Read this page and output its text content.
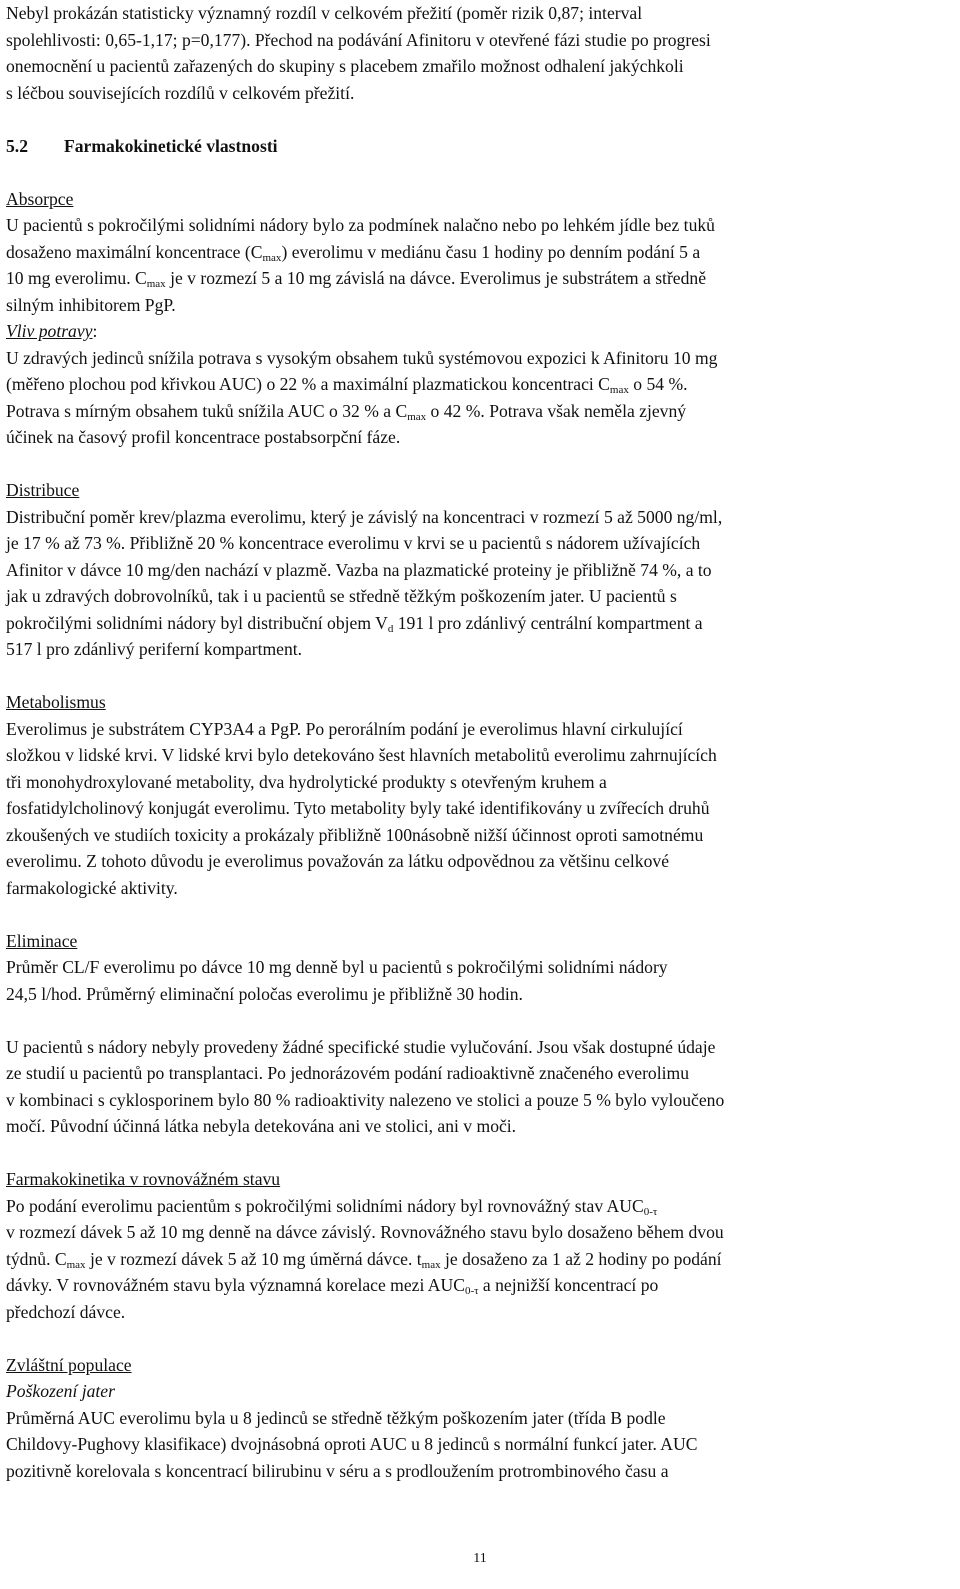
Nebyl prokázán statisticky významný rozdíl v celkovém přežití (poměr rizik 0,87; interval

spolehlivosti: 0,65-1,17; p=0,177). Přechod na podávání Afinitoru v otevřené fázi studie po progresi

onemocnění u pacientů zařazených do skupiny s placebem zmařilo možnost odhalení jakýchkoli

s léčbou souvisejících rozdílů v celkovém přežití.

5.2 Farmakokinetické vlastnosti

Absorpce

U pacientů s pokročilými solidními nádory bylo za podmínek nalačno nebo po lehkém jídle bez tuků

dosaženo maximální koncentrace $(C_{max})$ everolimu v mediánu času 1 hodiny po denním podání 5 a

10 mg everolimu. $C_{max}$ je v rozmezí 5 a 10 mg závislá na dávce. Everolimus je substrátem a středně

silným inhibitorem PgP.

Vliv potravy:

U zdravých jedinců snížila potrava s vysokým obsahem tuků systémovou expozici k Afinitoru 10 mg

(měřeno plochou pod křivkou AUC) o 22 % a maximální plazmatickou koncentraci $C_{max}$ o 54 %.

Potrava s mírným obsahem tuků snížila AUC o 32 % a $C_{max}$ o 42 %. Potrava však neměla zjevný

účinek na časový profil koncentrace postabsorpční fáze.

Distribuce

Distribuční poměr krev/plazma everolimu, který je závislý na koncentraci v rozmezí 5 až 5000 ng/ml,

je 17 % až 73 %. Přibližně 20 % koncentrace everolimu v krvi se u pacientů s nádorem užívajících

Afinitor v dávce 10 mg/den nachází v plazmě. Vazba na plazmatické proteiny je přibližně 74 %, a to

jak u zdravých dobrovolníků, tak i u pacientů se středně těžkým poškozením jater. U pacientů s

pokročilými solidními nádory byl distribuční objem $V_d$ 191 l pro zdánlivý centrální kompartment a

517 l pro zdánlivý periferní kompartment.

Metabolismus

Everolimus je substrátem CYP3A4 a PgP. Po perorálním podání je everolimus hlavní cirkulující

složkou v lidské krvi. V lidské krvi bylo detekováno šest hlavních metabolitů everolimu zahrnujících

tři monohydroxylované metabolity, dva hydrolytické produkty s otevřeným kruhem a

fosfatidylcholinový konjugát everolimu. Tyto metabolity byly také identifikovány u zvířecích druhů

zkoušených ve studiích toxicity a prokázaly přibližně 100násobně nižší účinnost oproti samotnému

everolimu. Z tohoto důvodu je everolimus považován za látku odpovědnou za většinu celkové

farmakologické aktivity.

Eliminace

Průměr CL/F everolimu po dávce 10 mg denně byl u pacientů s pokročilými solidními nádory

24,5 l/hod. Průměrný eliminační poločas everolimu je přibližně 30 hodin.

U pacientů s nádory nebyly provedeny žádné specifické studie vylučování. Jsou však dostupné údaje

ze studií u pacientů po transplantaci. Po jednorázovém podání radioaktivně značeného everolimu

v kombinaci s cyklosporinem bylo 80 % radioaktivity nalezeno ve stolici a pouze 5 % bylo vyloučeno

močí. Původní účinná látka nebyla detekována ani ve stolici, ani v moči.

Farmakokinetika v rovnovážném stavu

Po podání everolimu pacientům s pokročilými solidními nádory byl rovnovážný stav $AUC_{0-\tau}$

v rozmezí dávek 5 až 10 mg denně na dávce závislý. Rovnovážného stavu bylo dosaženo během dvou

týdnů. $C_{max}$ je v rozmezí dávek 5 až 10 mg úměrná dávce. $t_{max}$ je dosaženo za 1 až 2 hodiny po podání

dávky. V rovnovážném stavu byla významná korelace mezi $AUC_{0-\tau}$ a nejnižší koncentrací po

předchozí dávce.

Zvláštní populace

Poškození jater

Průměrná AUC everolimu byla u 8 jedinců se středně těžkým poškozením jater (třída B podle

Childovy-Pughovy klasifikace) dvojnásobná oproti AUC u 8 jedinců s normální funkcí jater. AUC

pozitivně korelovala s koncentrací bilirubinu v séru a s prodloužením protrombinového času a

11
